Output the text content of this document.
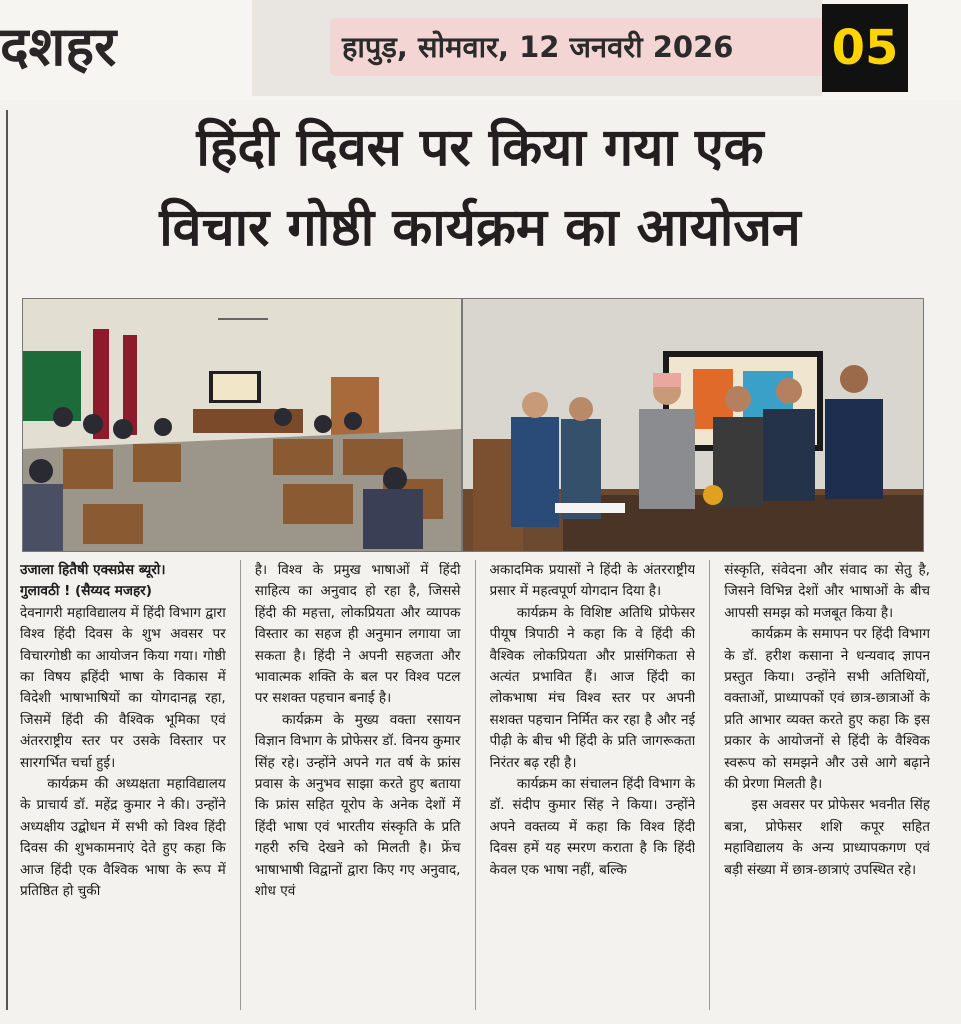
दशहर	हापुड़, सोमवार, 12 जनवरी 2026	05
हिंदी दिवस पर किया गया एक
विचार गोष्ठी कार्यक्रम का आयोजन

उजाला हितैषी एक्सप्रेस ब्यूरो।
गुलावठी ! (सैय्यद मजहर)

देवनागरी महाविद्यालय में हिंदी विभाग द्वारा विश्व हिंदी दिवस के शुभ अवसर पर विचारगोष्ठी का आयोजन किया गया। गोष्ठी का विषय ह्रहिंदी भाषा के विकास में विदेशी भाषाभाषियों का योगदानह्न रहा, जिसमें हिंदी की वैश्विक भूमिका एवं अंतरराष्ट्रीय स्तर पर उसके विस्तार पर सारगर्भित चर्चा हुई।

कार्यक्रम की अध्यक्षता महाविद्यालय के प्राचार्य डॉ. महेंद्र कुमार ने की। उन्होंने अध्यक्षीय उद्बोधन में सभी को विश्व हिंदी दिवस की शुभकामनाएं देते हुए कहा कि आज हिंदी एक वैश्विक भाषा के रूप में प्रतिष्ठित हो चुकी

है। विश्व के प्रमुख भाषाओं में हिंदी साहित्य का अनुवाद हो रहा है, जिससे हिंदी की महत्ता, लोकप्रियता और व्यापक विस्तार का सहज ही अनुमान लगाया जा सकता है। हिंदी ने अपनी सहजता और भावात्मक शक्ति के बल पर विश्व पटल पर सशक्त पहचान बनाई है।

कार्यक्रम के मुख्य वक्ता रसायन विज्ञान विभाग के प्रोफेसर डॉ. विनय कुमार सिंह रहे। उन्होंने अपने गत वर्ष के फ्रांस प्रवास के अनुभव साझा करते हुए बताया कि फ्रांस सहित यूरोप के अनेक देशों में हिंदी भाषा एवं भारतीय संस्कृति के प्रति गहरी रुचि देखने को मिलती है। फ्रेंच भाषाभाषी विद्वानों द्वारा किए गए अनुवाद, शोध एवं

अकादमिक प्रयासों ने हिंदी के अंतरराष्ट्रीय प्रसार में महत्वपूर्ण योगदान दिया है।

कार्यक्रम के विशिष्ट अतिथि प्रोफेसर पीयूष त्रिपाठी ने कहा कि वे हिंदी की वैश्विक लोकप्रियता और प्रासंगिकता से अत्यंत प्रभावित हैं। आज हिंदी का लोकभाषा मंच विश्व स्तर पर अपनी सशक्त पहचान निर्मित कर रहा है और नई पीढ़ी के बीच भी हिंदी के प्रति जागरूकता निरंतर बढ़ रही है।

कार्यक्रम का संचालन हिंदी विभाग के डॉ. संदीप कुमार सिंह ने किया। उन्होंने अपने वक्तव्य में कहा कि विश्व हिंदी दिवस हमें यह स्मरण कराता है कि हिंदी केवल एक भाषा नहीं, बल्कि

संस्कृति, संवेदना और संवाद का सेतु है, जिसने विभिन्न देशों और भाषाओं के बीच आपसी समझ को मजबूत किया है।

कार्यक्रम के समापन पर हिंदी विभाग के डॉ. हरीश कसाना ने धन्यवाद ज्ञापन प्रस्तुत किया। उन्होंने सभी अतिथियों, वक्ताओं, प्राध्यापकों एवं छात्र-छात्राओं के प्रति आभार व्यक्त करते हुए कहा कि इस प्रकार के आयोजनों से हिंदी के वैश्विक स्वरूप को समझने और उसे आगे बढ़ाने की प्रेरणा मिलती है।

इस अवसर पर प्रोफेसर भवनीत सिंह बत्रा, प्रोफेसर शशि कपूर सहित महाविद्यालय के अन्य प्राध्यापकगण एवं बड़ी संख्या में छात्र-छात्राएं उपस्थित रहे।
